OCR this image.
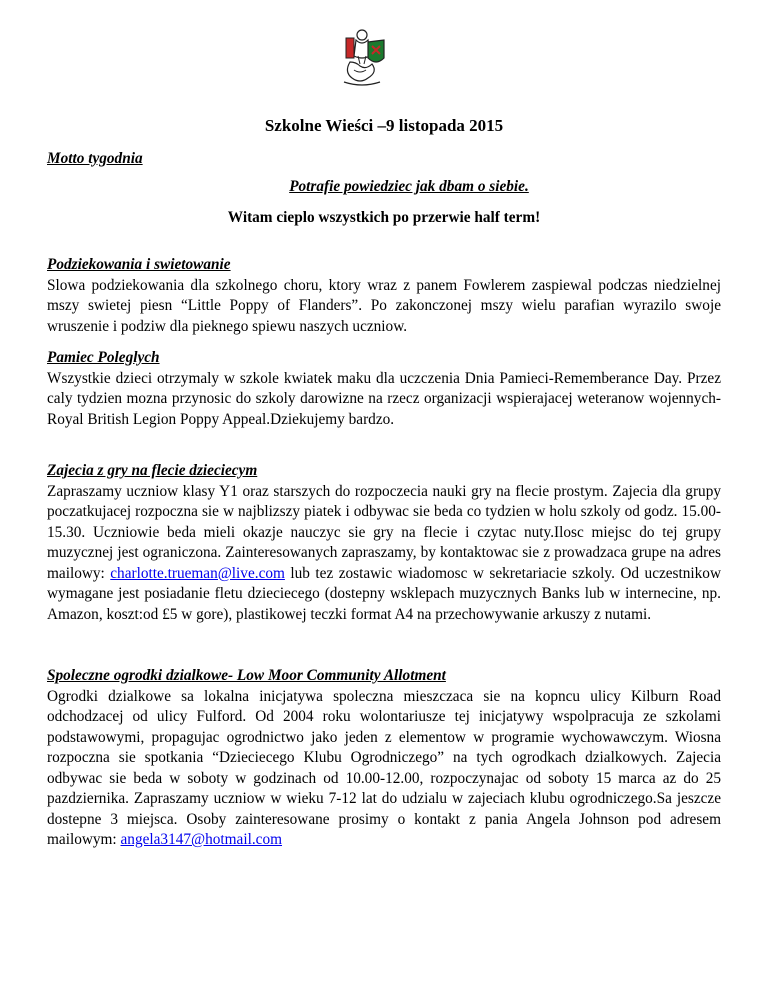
Szkolne Wieści –9 listopada 2015
Motto tygodnia
Potrafie powiedziec jak dbam o siebie.
Witam cieplo wszystkich po przerwie half term!
Podziekowania i swietowanie

Slowa podziekowania dla szkolnego choru, ktory wraz z panem Fowlerem zaspiewal podczas niedzielnej mszy swietej piesn “Little Poppy of Flanders”. Po zakonczonej mszy wielu parafian wyrazilo swoje wruszenie i podziw dla pieknego spiewu naszych uczniow.

Pamiec Poleglych

Wszystkie dzieci otrzymaly w szkole kwiatek maku dla uczczenia Dnia Pamieci-Rememberance Day. Przez caly tydzien mozna przynosic do szkoly darowizne na rzecz organizacji wspierajacej weteranow wojennych-Royal British Legion Poppy Appeal.Dziekujemy bardzo.

Zajecia z gry na flecie dzieciecym

Zapraszamy uczniow klasy Y1 oraz starszych do rozpoczecia nauki gry na flecie prostym. Zajecia dla grupy poczatkujacej rozpoczna sie w najblizszy piatek i odbywac sie beda co tydzien w holu szkoly od godz. 15.00-15.30. Uczniowie beda mieli okazje nauczyc sie gry na flecie i czytac nuty.Ilosc miejsc do tej grupy muzycznej jest ograniczona. Zainteresowanych zapraszamy, by kontaktowac sie z prowadzaca grupe na adres mailowy: charlotte.trueman@live.com lub tez zostawic wiadomosc w sekretariacie szkoly. Od uczestnikow wymagane jest posiadanie fletu dzieciecego (dostepny wsklepach muzycznych Banks lub w internecine, np. Amazon, koszt:od £5 w gore), plastikowej teczki format A4 na przechowywanie arkuszy z nutami.

Spoleczne ogrodki dzialkowe- Low Moor Community Allotment

Ogrodki dzialkowe sa lokalna inicjatywa spoleczna mieszczaca sie na kopncu ulicy Kilburn Road odchodzacej od ulicy Fulford. Od 2004 roku wolontariusze tej inicjatywy wspolpracuja ze szkolami podstawowymi, propagujac ogrodnictwo jako jeden z elementow w programie wychowawczym. Wiosna rozpoczna sie spotkania “Dzieciecego Klubu Ogrodniczego” na tych ogrodkach dzialkowych. Zajecia odbywac sie beda w soboty w godzinach od 10.00-12.00, rozpoczynajac od soboty 15 marca az do 25 pazdziernika. Zapraszamy uczniow w wieku 7-12 lat do udzialu w zajeciach klubu ogrodniczego.Sa jeszcze dostepne 3 miejsca. Osoby zainteresowane prosimy o kontakt z pania Angela Johnson pod adresem mailowym: angela3147@hotmail.com
